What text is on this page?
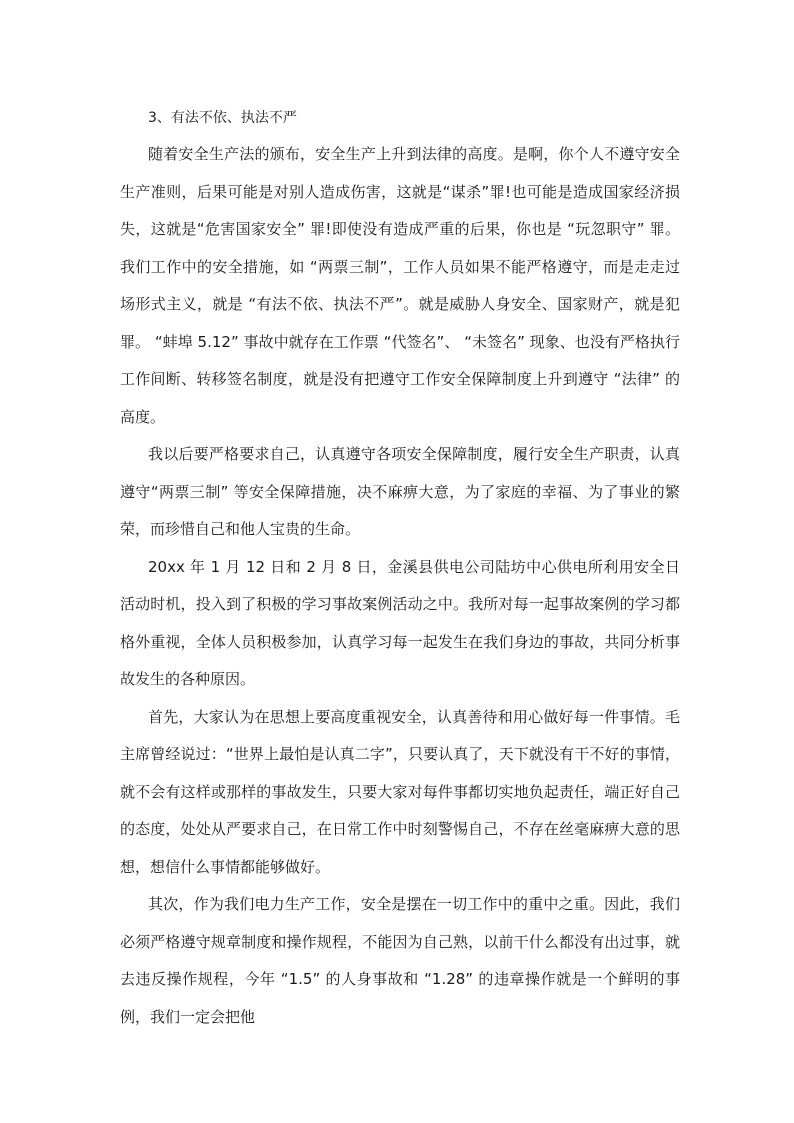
3、有法不依、执法不严

随着安全生产法的颁布，安全生产上升到法律的高度。是啊，你个人不遵守安全生产准则，后果可能是对别人造成伤害，这就是“谋杀”罪!也可能是造成国家经济损失，这就是“危害国家安全” 罪!即使没有造成严重的后果，你也是 “玩忽职守” 罪。我们工作中的安全措施，如 “两票三制”，工作人员如果不能严格遵守，而是走走过场形式主义，就是 “有法不依、执法不严”。就是威胁人身安全、国家财产，就是犯罪。 “蚌埠 5.12” 事故中就存在工作票 “代签名”、 “未签名” 现象、也没有严格执行工作间断、转移签名制度，就是没有把遵守工作安全保障制度上升到遵守 “法律” 的高度。

我以后要严格要求自己，认真遵守各项安全保障制度，履行安全生产职责，认真遵守“两票三制” 等安全保障措施，决不麻痹大意，为了家庭的幸福、为了事业的繁荣，而珍惜自己和他人宝贵的生命。

20xx 年 1 月 12 日和 2 月 8 日，金溪县供电公司陆坊中心供电所利用安全日活动时机，投入到了积极的学习事故案例活动之中。我所对每一起事故案例的学习都格外重视，全体人员积极参加，认真学习每一起发生在我们身边的事故，共同分析事故发生的各种原因。

首先，大家认为在思想上要高度重视安全，认真善待和用心做好每一件事情。毛主席曾经说过：“世界上最怕是认真二字”，只要认真了，天下就没有干不好的事情，就不会有这样或那样的事故发生，只要大家对每件事都切实地负起责任，端正好自己的态度，处处从严要求自己，在日常工作中时刻警惕自己，不存在丝毫麻痹大意的思想，想信什么事情都能够做好。

其次，作为我们电力生产工作，安全是摆在一切工作中的重中之重。因此，我们必须严格遵守规章制度和操作规程，不能因为自己熟，以前干什么都没有出过事，就去违反操作规程，今年 “1.5” 的人身事故和 “1.28” 的违章操作就是一个鲜明的事例，我们一定会把他
